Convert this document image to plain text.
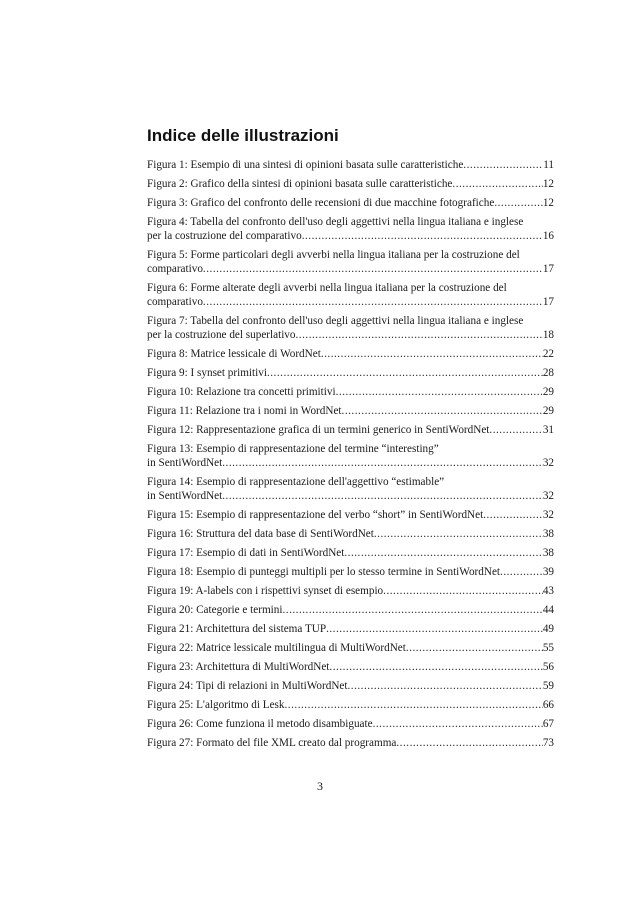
Indice delle illustrazioni
Figura 1: Esempio di una sintesi di opinioni basata sulle caratteristiche .....	11
Figura 2: Grafico della sintesi di opinioni basata sulle caratteristiche .....	12
Figura 3: Grafico del confronto delle recensioni di due macchine fotografiche .....	12
Figura 4: Tabella del confronto dell'uso degli aggettivi nella lingua italiana e inglese
per la costruzione del comparativo .....	16
Figura 5: Forme particolari degli avverbi nella lingua italiana per la costruzione del
comparativo .....	17
Figura 6: Forme alterate degli avverbi nella lingua italiana per la costruzione del
comparativo .....	17
Figura 7: Tabella del confronto dell'uso degli aggettivi nella lingua italiana e inglese
per la costruzione del superlativo .....	18
Figura 8: Matrice lessicale di WordNet .....	22
Figura 9: I synset primitivi .....	28
Figura 10: Relazione tra concetti primitivi .....	29
Figura 11: Relazione tra i nomi in WordNet .....	29
Figura 12: Rappresentazione grafica di un termini generico in SentiWordNet .....	31
Figura 13: Esempio di rappresentazione del termine “interesting”
in SentiWordNet .....	32
Figura 14: Esempio di rappresentazione dell'aggettivo “estimable”
in SentiWordNet .....	32
Figura 15: Esempio di rappresentazione del verbo “short” in SentiWordNet .....	32
Figura 16: Struttura del data base di SentiWordNet .....	38
Figura 17: Esempio di dati in SentiWordNet .....	38
Figura 18: Esempio di punteggi multipli per lo stesso termine in SentiWordNet .....	39
Figura 19: A-labels con i rispettivi synset di esempio .....	43
Figura 20: Categorie e termini .....	44
Figura 21: Architettura del sistema TUP .....	49
Figura 22: Matrice lessicale multilingua di MultiWordNet .....	55
Figura 23: Architettura di MultiWordNet .....	56
Figura 24: Tipi di relazioni in MultiWordNet .....	59
Figura 25: L'algoritmo di Lesk .....	66
Figura 26: Come funziona il metodo disambiguate .....	67
Figura 27: Formato del file XML creato dal programma .....	73
3
